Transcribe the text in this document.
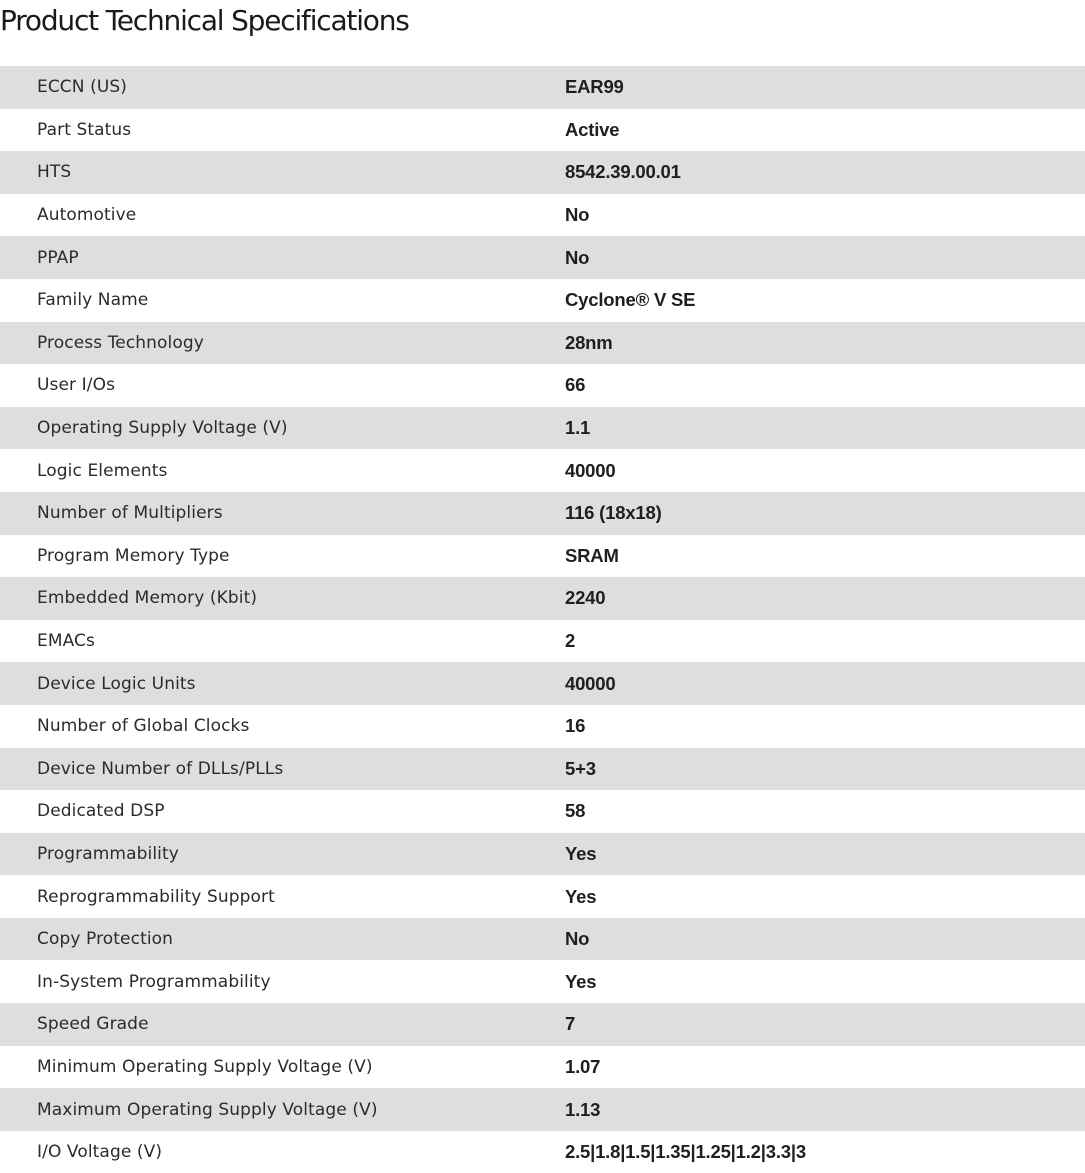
Product Technical Specifications
ECCN (US)	EAR99
Part Status	Active
HTS	8542.39.00.01
Automotive	No
PPAP	No
Family Name	Cyclone® V SE
Process Technology	28nm
User I/Os	66
Operating Supply Voltage (V)	1.1
Logic Elements	40000
Number of Multipliers	116 (18x18)
Program Memory Type	SRAM
Embedded Memory (Kbit)	2240
EMACs	2
Device Logic Units	40000
Number of Global Clocks	16
Device Number of DLLs/PLLs	5+3
Dedicated DSP	58
Programmability	Yes
Reprogrammability Support	Yes
Copy Protection	No
In-System Programmability	Yes
Speed Grade	7
Minimum Operating Supply Voltage (V)	1.07
Maximum Operating Supply Voltage (V)	1.13
I/O Voltage (V)	2.5|1.8|1.5|1.35|1.25|1.2|3.3|3
